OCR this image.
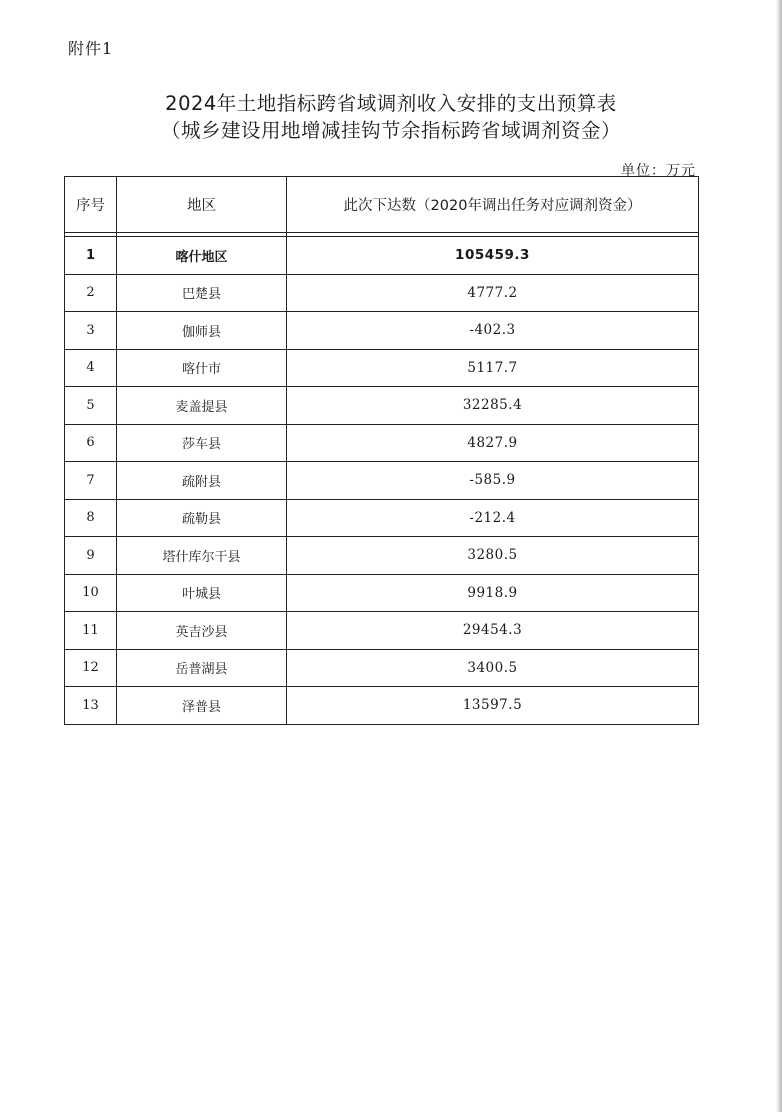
附件1
2024年土地指标跨省域调剂收入安排的支出预算表
（城乡建设用地增减挂钩节余指标跨省域调剂资金）
单位：万元
序号	地区	此次下达数（2020年调出任务对应调剂资金）

1	喀什地区	105459.3
2	巴楚县	4777.2
3	伽师县	-402.3
4	喀什市	5117.7
5	麦盖提县	32285.4
6	莎车县	4827.9
7	疏附县	-585.9
8	疏勒县	-212.4
9	塔什库尔干县	3280.5
10	叶城县	9918.9
11	英吉沙县	29454.3
12	岳普湖县	3400.5
13	泽普县	13597.5
